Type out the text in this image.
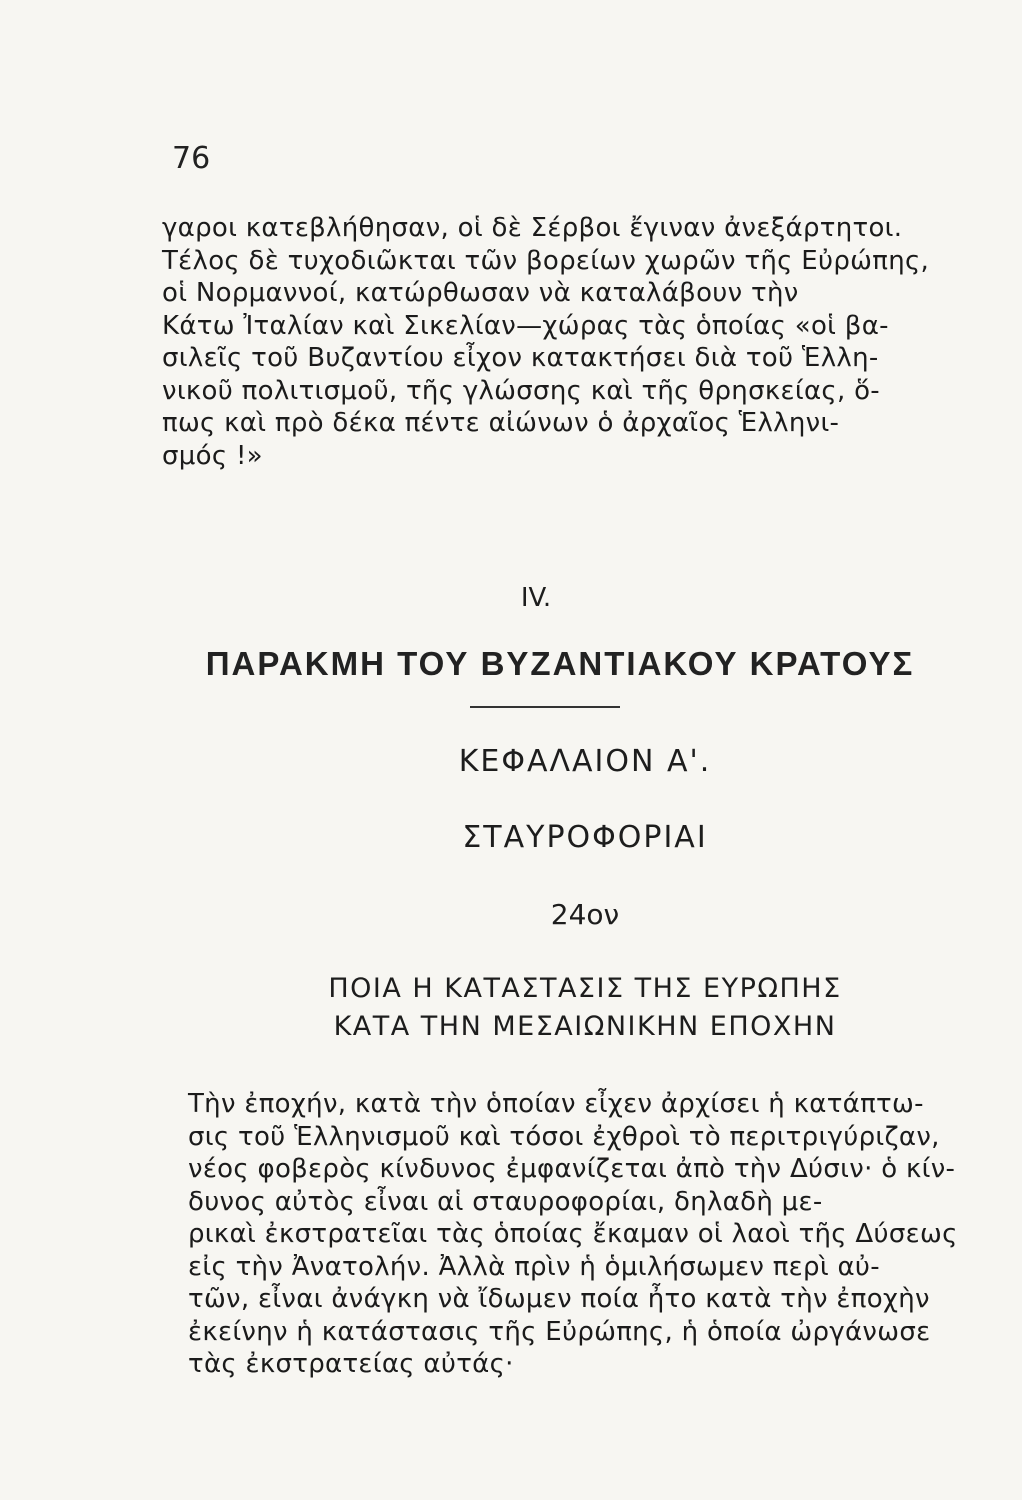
76

γαροι κατεβλήθησαν, οἱ δὲ Σέρβοι ἔγιναν ἀνεξάρτητοι.
Τέλος δὲ τυχοδιῶκται τῶν βορείων χωρῶν τῆς Εὐρώπης,
οἱ Νορμαννοί, κατώρθωσαν νὰ καταλάβουν τὴν
Κάτω Ἰταλίαν καὶ Σικελίαν—χώρας τὰς ὁποίας «οἱ βα-
σιλεῖς τοῦ Βυζαντίου εἶχον κατακτήσει διὰ τοῦ Ἑλλη-
νικοῦ πολιτισμοῦ, τῆς γλώσσης καὶ τῆς θρησκείας, ὅ-
πως καὶ πρὸ δέκα πέντε αἰώνων ὁ ἀρχαῖος Ἑλληνι-
σμός !»

IV.
ΠΑΡΑΚΜΗ ΤΟΥ ΒΥΖΑΝΤΙΑΚΟΥ ΚΡΑΤΟΥΣ
ΚΕΦΑΛΑΙΟΝ Α'.
ΣΤΑΥΡΟΦΟΡΙΑΙ
24ον
ΠΟΙΑ Η ΚΑΤΑΣΤΑΣΙΣ ΤΗΣ ΕΥΡΩΠΗΣ
ΚΑΤΑ ΤΗΝ ΜΕΣΑΙΩΝΙΚΗΝ ΕΠΟΧΗΝ

Τὴν ἐποχήν, κατὰ τὴν ὁποίαν εἶχεν ἀρχίσει ἡ κατάπτω-
σις τοῦ Ἑλληνισμοῦ καὶ τόσοι ἐχθροὶ τὸ περιτριγύριζαν,
νέος φοβερὸς κίνδυνος ἐμφανίζεται ἀπὸ τὴν Δύσιν· ὁ κίν-
δυνος αὐτὸς εἶναι αἱ σταυροφορίαι, δηλαδὴ με-
ρικαὶ ἐκστρατεῖαι τὰς ὁποίας ἔκαμαν οἱ λαοὶ τῆς Δύσεως
εἰς τὴν Ἀνατολήν. Ἀλλὰ πρὶν ἡ ὁμιλήσωμεν περὶ αὐ-
τῶν, εἶναι ἀνάγκη νὰ ἴδωμεν ποία ἦτο κατὰ τὴν ἐποχὴν
ἐκείνην ἡ κατάστασις τῆς Εὐρώπης, ἡ ὁποία ὠργάνωσε
τὰς ἐκστρατείας αὐτάς·
